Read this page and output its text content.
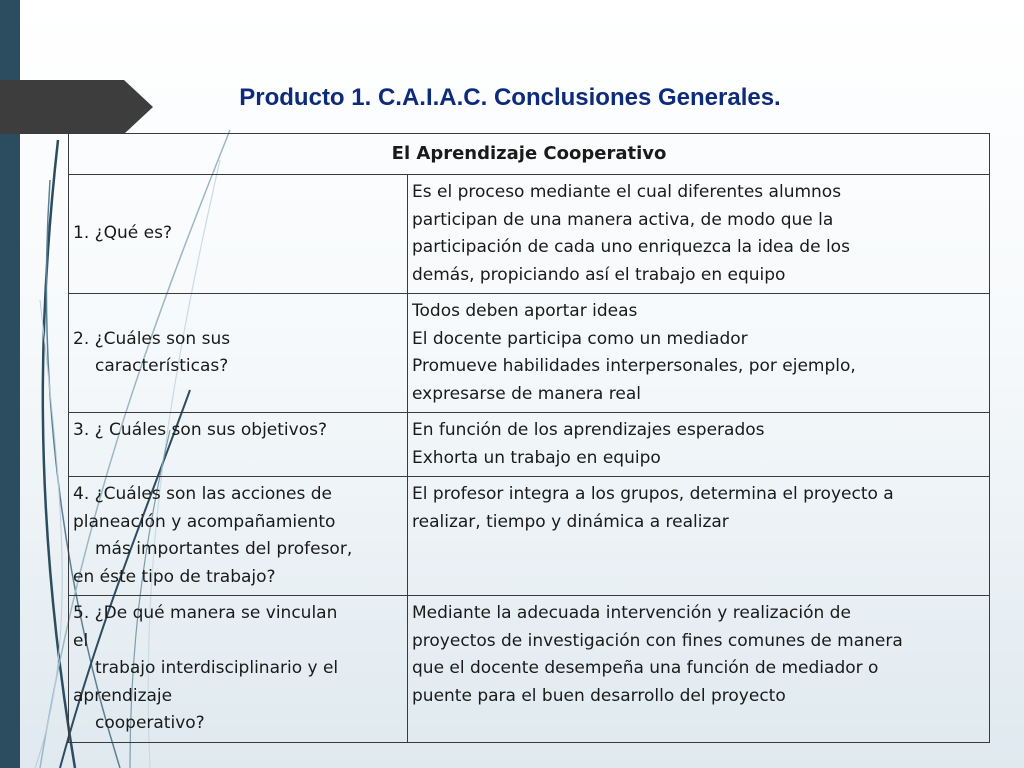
Producto 1. C.A.I.A.C. Conclusiones Generales.
El Aprendizaje Cooperativo	

1. ¿Qué es?	Es el proceso mediante el cual diferentes alumnos
participan de una manera activa, de modo que la
participación de cada uno enriquezca la idea de los
demás, propiciando así el trabajo en equipo

2. ¿Cuáles son sus
características?	Todos deben aportar ideas
El docente participa como un mediador
Promueve habilidades interpersonales, por ejemplo,
expresarse de manera real

3. ¿ Cuáles son sus objetivos?	En función de los aprendizajes esperados
Exhorta un trabajo en equipo

4. ¿Cuáles son las acciones de
planeación y acompañamiento
más importantes del profesor,
en éste tipo de trabajo?	El profesor integra a los grupos, determina el proyecto a
realizar, tiempo y dinámica a realizar

5. ¿De qué manera se vinculan
el
trabajo interdisciplinario y el
aprendizaje
cooperativo?	Mediante la adecuada intervención y realización de
proyectos de investigación con fines comunes de manera
que el docente desempeña una función de mediador o
puente para el buen desarrollo del proyecto
